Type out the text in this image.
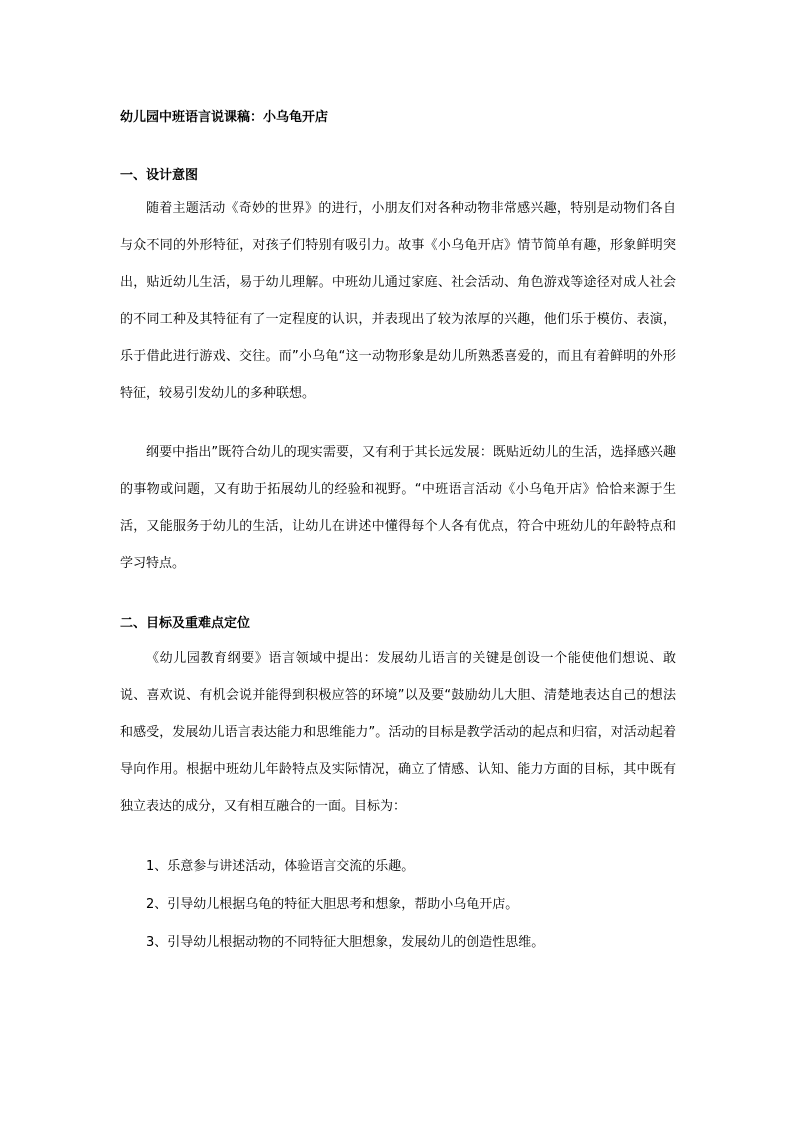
幼儿园中班语言说课稿：小乌龟开店
一、设计意图

随着主题活动《奇妙的世界》的进行，小朋友们对各种动物非常感兴趣，特别是动物们各自与众不同的外形特征，对孩子们特别有吸引力。故事《小乌龟开店》情节简单有趣，形象鲜明突出，贴近幼儿生活，易于幼儿理解。中班幼儿通过家庭、社会活动、角色游戏等途径对成人社会的不同工种及其特征有了一定程度的认识，并表现出了较为浓厚的兴趣，他们乐于模仿、表演，乐于借此进行游戏、交往。而”小乌龟“这一动物形象是幼儿所熟悉喜爱的，而且有着鲜明的外形特征，较易引发幼儿的多种联想。

纲要中指出”既符合幼儿的现实需要，又有利于其长远发展：既贴近幼儿的生活，选择感兴趣的事物或问题，又有助于拓展幼儿的经验和视野。“中班语言活动《小乌龟开店》恰恰来源于生活，又能服务于幼儿的生活，让幼儿在讲述中懂得每个人各有优点，符合中班幼儿的年龄特点和学习特点。

二、目标及重难点定位

《幼儿园教育纲要》语言领域中提出：发展幼儿语言的关键是创设一个能使他们想说、敢说、喜欢说、有机会说并能得到积极应答的环境”以及要“鼓励幼儿大胆、清楚地表达自己的想法和感受，发展幼儿语言表达能力和思维能力”。活动的目标是教学活动的起点和归宿，对活动起着导向作用。根据中班幼儿年龄特点及实际情况，确立了情感、认知、能力方面的目标，其中既有独立表达的成分，又有相互融合的一面。目标为：

1、乐意参与讲述活动，体验语言交流的乐趣。
2、引导幼儿根据乌龟的特征大胆思考和想象，帮助小乌龟开店。
3、引导幼儿根据动物的不同特征大胆想象，发展幼儿的创造性思维。
